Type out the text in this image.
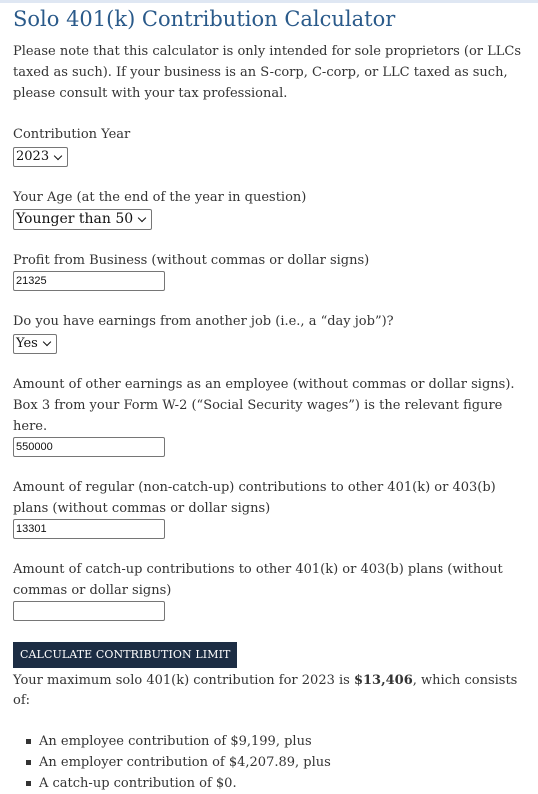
Solo 401(k) Contribution Calculator

Please note that this calculator is only intended for sole proprietors (or LLCs taxed as such). If your business is an S-corp, C-corp, or LLC taxed as such, please consult with your tax professional.

Contribution Year
2023
Your Age (at the end of the year in question)
Younger than 50
Profit from Business (without commas or dollar signs)
21325
Do you have earnings from another job (i.e., a “day job”)?
Yes
Amount of other earnings as an employee (without commas or dollar signs). Box 3 from your Form W-2 (“Social Security wages”) is the relevant figure here.
550000
Amount of regular (non-catch-up) contributions to other 401(k) or 403(b) plans (without commas or dollar signs)
13301
Amount of catch-up contributions to other 401(k) or 403(b) plans (without commas or dollar signs)
CALCULATE CONTRIBUTION LIMIT
Your maximum solo 401(k) contribution for 2023 is $13,406, which consists of:
An employee contribution of $9,199, plus
An employer contribution of $4,207.89, plus
A catch-up contribution of $0.
